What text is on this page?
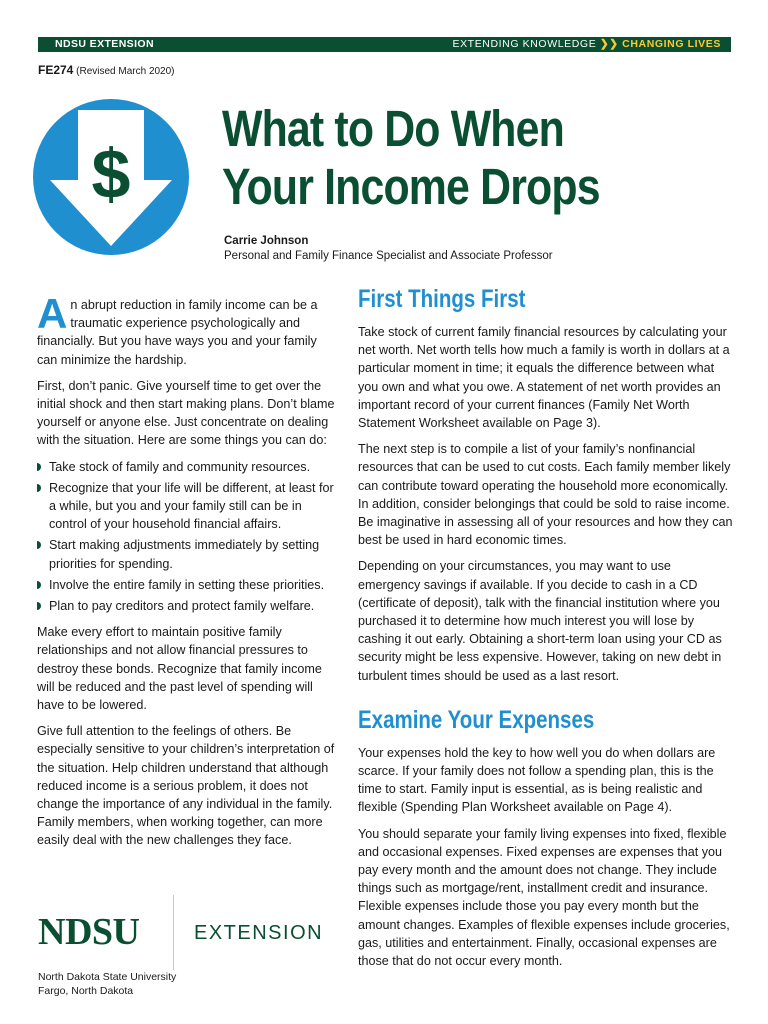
NDSU EXTENSION	EXTENDING KNOWLEDGE ❯❯ CHANGING LIVES
FE274 (Revised March 2020)
$
What to Do When
Your Income Drops
Carrie Johnson
Personal and Family Finance Specialist and Associate Professor

An abrupt reduction in family income can be a traumatic experience psychologically and financially. But you have ways you and your family can minimize the hardship.

First, don’t panic. Give yourself time to get over the initial shock and then start making plans. Don’t blame yourself or anyone else. Just concentrate on dealing with the situation. Here are some things you can do:

Take stock of family and community resources.
Recognize that your life will be different, at least for a while, but you and your family still can be in control of your household financial affairs.
Start making adjustments immediately by setting priorities for spending.
Involve the entire family in setting these priorities.
Plan to pay creditors and protect family welfare.

Make every effort to maintain positive family relationships and not allow financial pressures to destroy these bonds. Recognize that family income will be reduced and the past level of spending will have to be lowered.

Give full attention to the feelings of others. Be especially sensitive to your children’s interpretation of the situation. Help children understand that although reduced income is a serious problem, it does not change the importance of any individual in the family. Family members, when working together, can more easily deal with the new challenges they face.

First Things First

Take stock of current family financial resources by calculating your net worth. Net worth tells how much a family is worth in dollars at a particular moment in time; it equals the difference between what you own and what you owe. A statement of net worth provides an important record of your current finances (Family Net Worth Statement Worksheet available on Page 3).

The next step is to compile a list of your family’s nonfinancial resources that can be used to cut costs. Each family member likely can contribute toward operating the household more economically. In addition, consider belongings that could be sold to raise income. Be imaginative in assessing all of your resources and how they can best be used in hard economic times.

Depending on your circumstances, you may want to use emergency savings if available. If you decide to cash in a CD (certificate of deposit), talk with the financial institution where you purchased it to determine how much interest you will lose by cashing it out early. Obtaining a short-term loan using your CD as security might be less expensive. However, taking on new debt in turbulent times should be used as a last resort.

Examine Your Expenses

Your expenses hold the key to how well you do when dollars are scarce. If your family does not follow a spending plan, this is the time to start. Family input is essential, as is being realistic and flexible (Spending Plan Worksheet available on Page 4).

You should separate your family living expenses into fixed, flexible and occasional expenses. Fixed expenses are expenses that you pay every month and the amount does not change. They include things such as mortgage/rent, installment credit and insurance. Flexible expenses include those you pay every month but the amount changes. Examples of flexible expenses include groceries, gas, utilities and entertainment. Finally, occasional expenses are those that do not occur every month.

NDSU	EXTENSION
North Dakota State University
Fargo, North Dakota
